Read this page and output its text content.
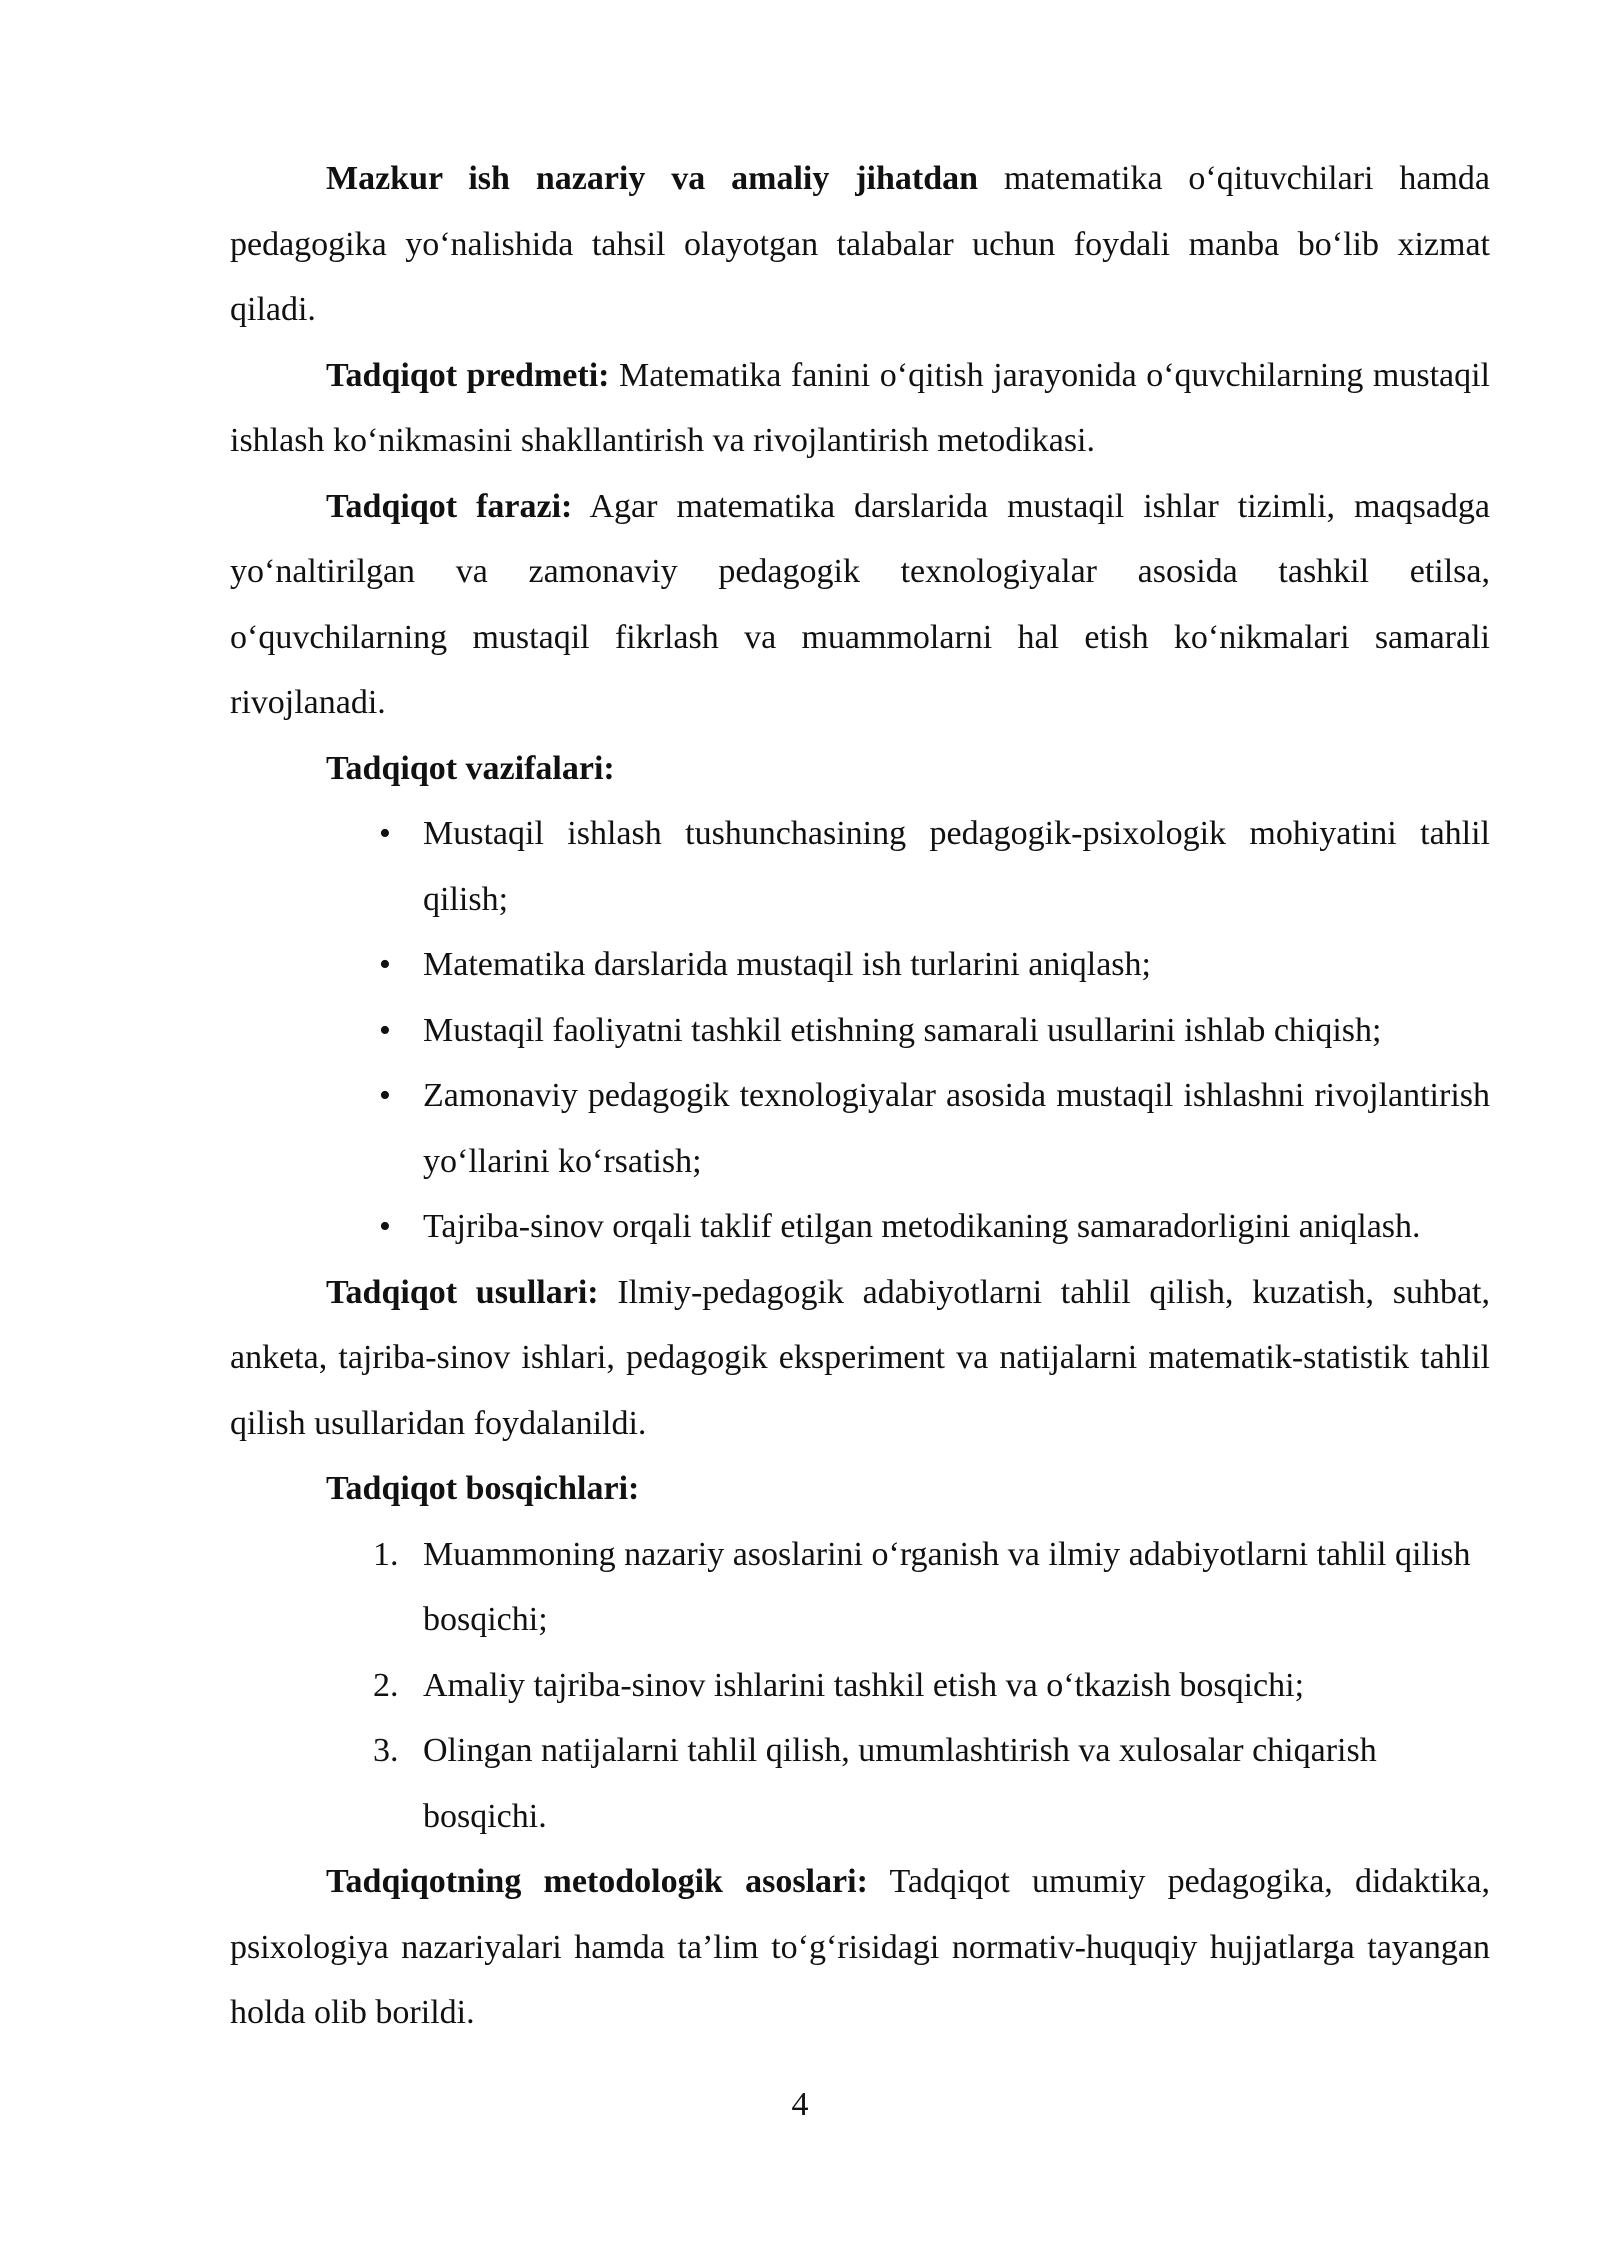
Mazkur ish nazariy va amaliy jihatdan matematika o‘qituvchilari hamda pedagogika yo‘nalishida tahsil olayotgan talabalar uchun foydali manba bo‘lib xizmat qiladi.

Tadqiqot predmeti: Matematika fanini o‘qitish jarayonida o‘quvchilarning mustaqil ishlash ko‘nikmasini shakllantirish va rivojlantirish metodikasi.

Tadqiqot farazi: Agar matematika darslarida mustaqil ishlar tizimli, maqsadga yo‘naltirilgan va zamonaviy pedagogik texnologiyalar asosida tashkil etilsa, o‘quvchilarning mustaqil fikrlash va muammolarni hal etish ko‘nikmalari samarali rivojlanadi.

Tadqiqot vazifalari:

• Mustaqil ishlash tushunchasining pedagogik-psixologik mohiyatini tahlil qilish;
• Matematika darslarida mustaqil ish turlarini aniqlash;
• Mustaqil faoliyatni tashkil etishning samarali usullarini ishlab chiqish;
• Zamonaviy pedagogik texnologiyalar asosida mustaqil ishlashni rivojlantirish yo‘llarini ko‘rsatish;
• Tajriba-sinov orqali taklif etilgan metodikaning samaradorligini aniqlash.

Tadqiqot usullari: Ilmiy-pedagogik adabiyotlarni tahlil qilish, kuzatish, suhbat, anketa, tajriba-sinov ishlari, pedagogik eksperiment va natijalarni matematik-statistik tahlil qilish usullaridan foydalanildi.

Tadqiqot bosqichlari:

1. Muammoning nazariy asoslarini o‘rganish va ilmiy adabiyotlarni tahlil qilish bosqichi;
2. Amaliy tajriba-sinov ishlarini tashkil etish va o‘tkazish bosqichi;
3. Olingan natijalarni tahlil qilish, umumlashtirish va xulosalar chiqarish bosqichi.

Tadqiqotning metodologik asoslari: Tadqiqot umumiy pedagogika, didaktika, psixologiya nazariyalari hamda ta’lim to‘g‘risidagi normativ-huquqiy hujjatlarga tayangan holda olib borildi.

4
